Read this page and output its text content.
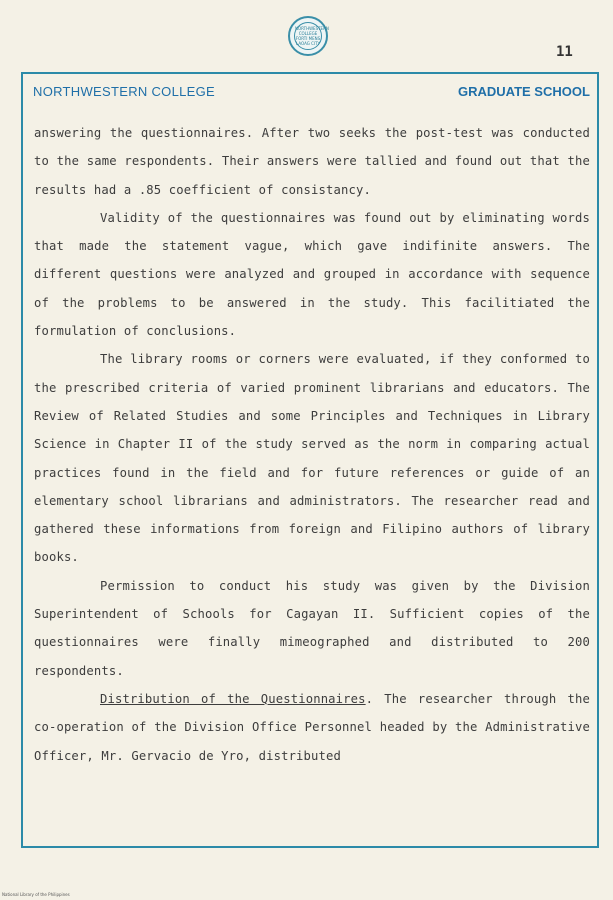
NORTHWESTERN COLLEGE FORTI MENS LAOAG CITY
11
NORTHWESTERN COLLEGE	GRADUATE SCHOOL

answering the questionnaires. After two seeks the post-test was conducted to the same respondents. Their answers were tallied and found out that the results had a .85 coefficient of consistancy.

Validity of the questionnaires was found out by eliminating words that made the statement vague, which gave indifinite answers. The different questions were analyzed and grouped in accordance with sequence of the problems to be answered in the study. This facilitiated the formulation of conclusions.

The library rooms or corners were evaluated, if they conformed to the prescribed criteria of varied prominent librarians and educators. The Review of Related Studies and some Principles and Techniques in Library Science in Chapter II of the study served as the norm in comparing actual practices found in the field and for future references or guide of an elementary school librarians and administrators. The researcher read and gathered these informations from foreign and Filipino authors of library books.

Permission to conduct his study was given by the Division Superintendent of Schools for Cagayan II. Sufficient copies of the questionnaires were finally mimeographed and distributed to 200 respondents.

Distribution of the Questionnaires. The researcher through the co-operation of the Division Office Personnel headed by the Administrative Officer, Mr. Gervacio de Yro, distributed

National Library of the Philippines
